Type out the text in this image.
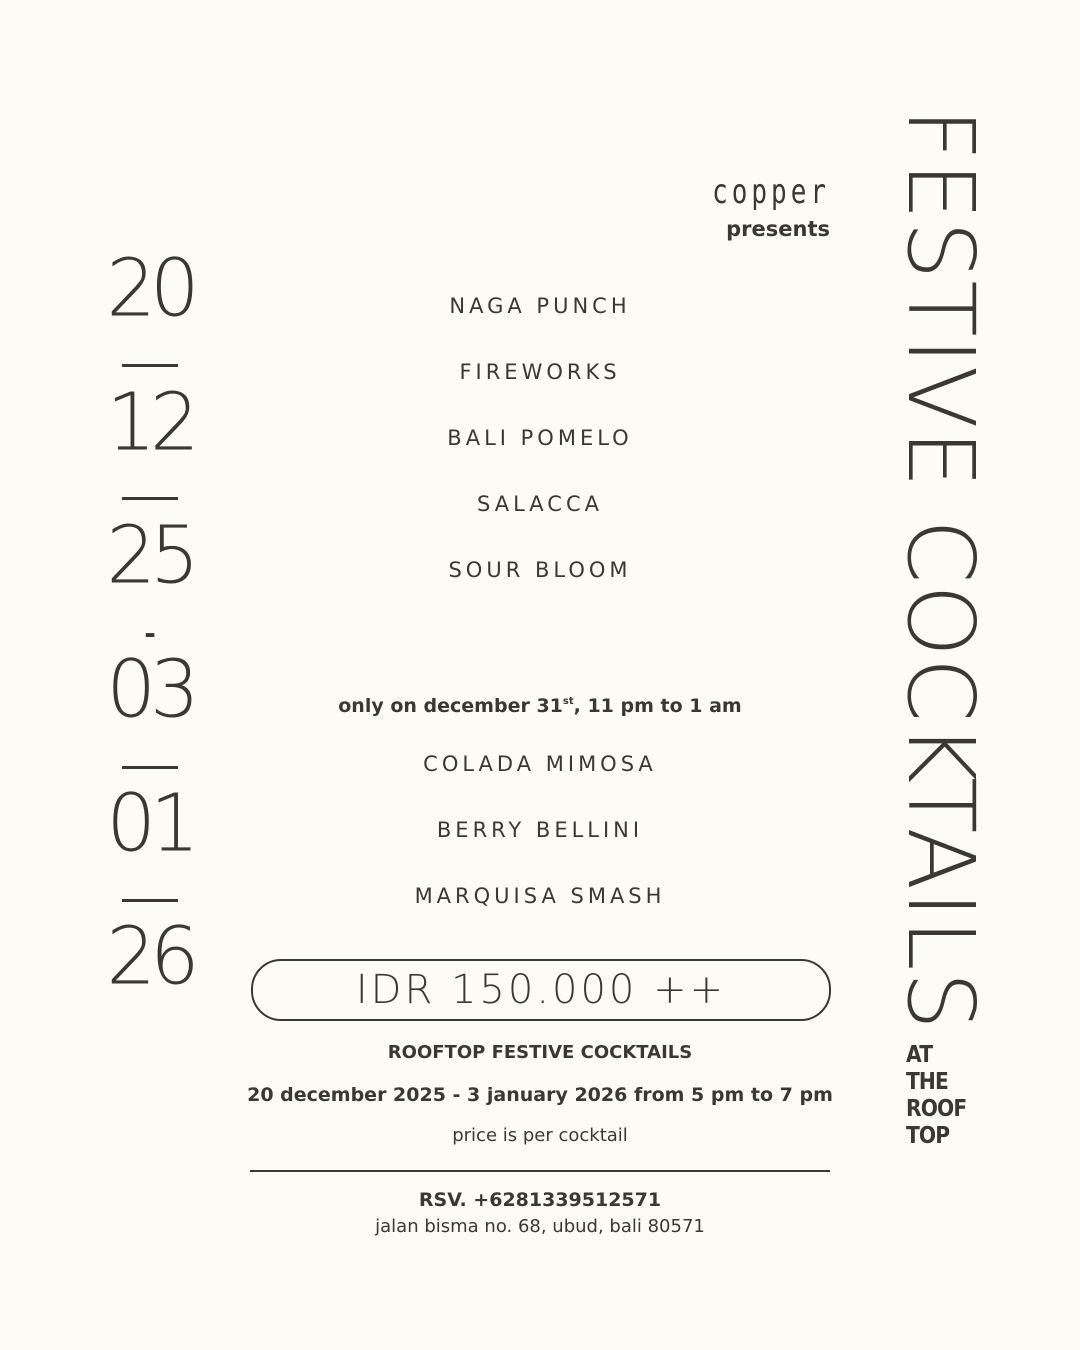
copper
presents
20
12
25
-
03
01
26
NAGA PUNCH
FIREWORKS
BALI POMELO
SALACCA
SOUR BLOOM
only on december 31st, 11 pm to 1 am
COLADA MIMOSA
BERRY BELLINI
MARQUISA SMASH
IDR 150.000 ++
ROOFTOP FESTIVE COCKTAILS
20 december 2025 - 3 january 2026 from 5 pm to 7 pm
price is per cocktail
RSV. +6281339512571
jalan bisma no. 68, ubud, bali 80571
FESTIVE COCKTAILS
AT
THE
ROOF
TOP
